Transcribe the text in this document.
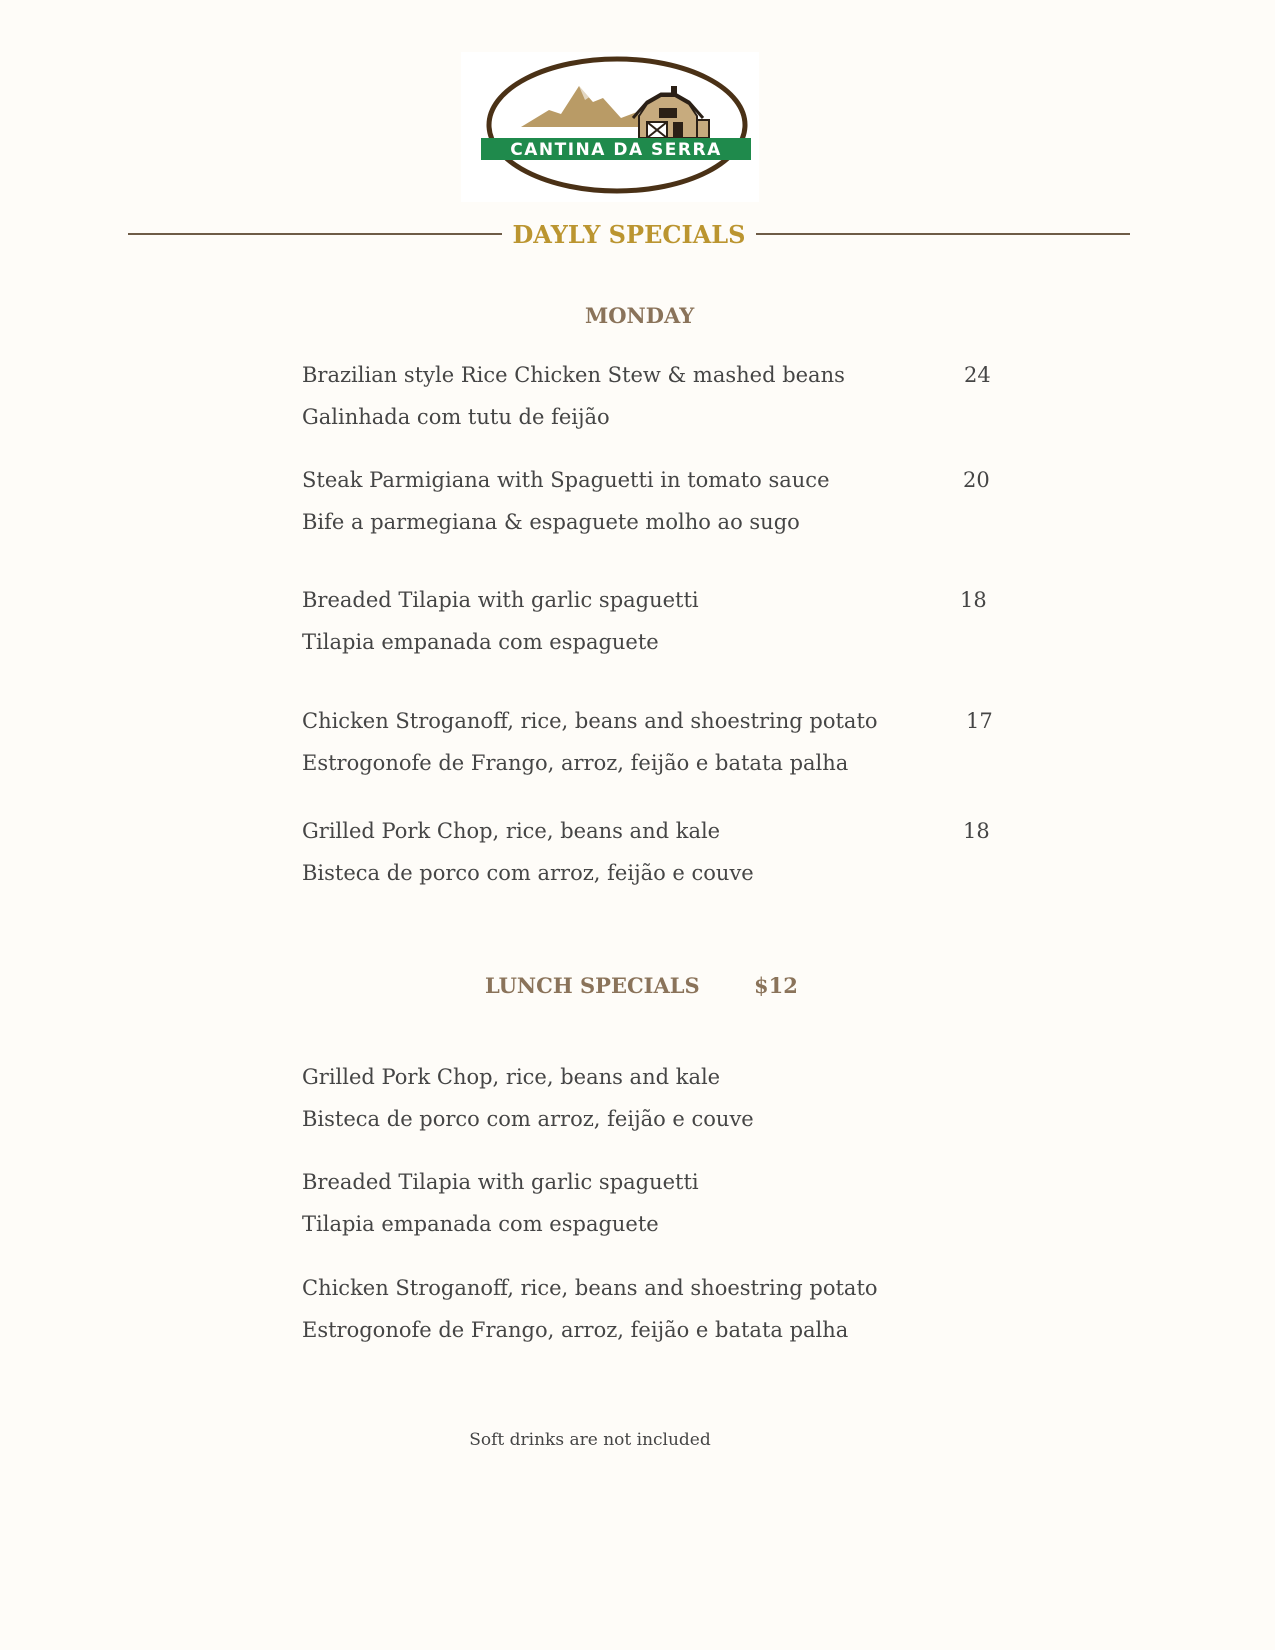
CANTINA DA SERRA
DAYLY SPECIALS
MONDAY
Brazilian style Rice Chicken Stew & mashed beans
Galinhada com tutu de feijão
24
Steak Parmigiana with Spaguetti in tomato sauce
Bife a parmegiana & espaguete molho ao sugo
20
Breaded Tilapia with garlic spaguetti
Tilapia empanada com espaguete
18
Chicken Stroganoff, rice, beans and shoestring potato
Estrogonofe de Frango, arroz, feijão e batata palha
17
Grilled Pork Chop, rice, beans and kale
Bisteca de porco com arroz, feijão e couve
18
LUNCH SPECIALS	$12
Grilled Pork Chop, rice, beans and kale
Bisteca de porco com arroz, feijão e couve
Breaded Tilapia with garlic spaguetti
Tilapia empanada com espaguete
Chicken Stroganoff, rice, beans and shoestring potato
Estrogonofe de Frango, arroz, feijão e batata palha
Soft drinks are not included
